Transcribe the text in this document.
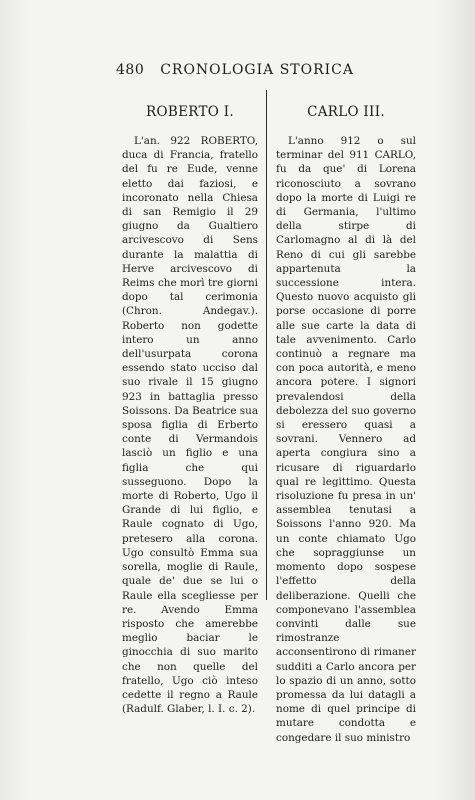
480 CRONOLOGIA STORICA
ROBERTO I.

L'an. 922 ROBERTO, duca di Francia, fratello del fu re Eude, venne eletto dai faziosi, e incoronato nella Chiesa di san Remigio il 29 giugno da Gualtiero arcivescovo di Sens durante la malattia di Herve arcivescovo di Reims che morì tre giorni dopo tal cerimonia (Chron. Andegav.). Roberto non godette intero un anno dell'usurpata corona essendo stato ucciso dal suo rivale il 15 giugno 923 in battaglia presso Soissons. Da Beatrice sua sposa figlia di Erberto conte di Vermandois lasciò un figlio e una figlia che qui susseguono. Dopo la morte di Roberto, Ugo il Grande di lui figlio, e Raule cognato di Ugo, pretesero alla corona. Ugo consultò Emma sua sorella, moglie di Raule, quale de' due se lui o Raule ella scegliesse per re. Avendo Emma risposto che amerebbe meglio baciar le ginocchia di suo marito che non quelle del fratello, Ugo ciò inteso cedette il regno a Raule (Radulf. Glaber, l. I. c. 2).

CARLO III.

L'anno 912 o sul terminar del 911 CARLO, fu da que' di Lorena riconosciuto a sovrano dopo la morte di Luigi re di Germania, l'ultimo della stirpe di Carlomagno al di là del Reno di cui gli sarebbe appartenuta la successione intera. Questo nuovo acquisto gli porse occasione di porre alle sue carte la data di tale avvenimento. Carlo continuò a regnare ma con poca autorità, e meno ancora potere. I signori prevalendosi della debolezza del suo governo si eressero quasi a sovrani. Vennero ad aperta congiura sino a ricusare di riguardarlo qual re legittimo. Questa risoluzione fu presa in un' assemblea tenutasi a Soissons l'anno 920. Ma un conte chiamato Ugo che sopraggiunse un momento dopo sospese l'effetto della deliberazione. Quelli che componevano l'assemblea convinti dalle sue rimostranze acconsentirono di rimaner sudditi a Carlo ancora per lo spazio di un anno, sotto promessa da lui datagli a nome di quel principe di mutare condotta e congedare il suo ministro
